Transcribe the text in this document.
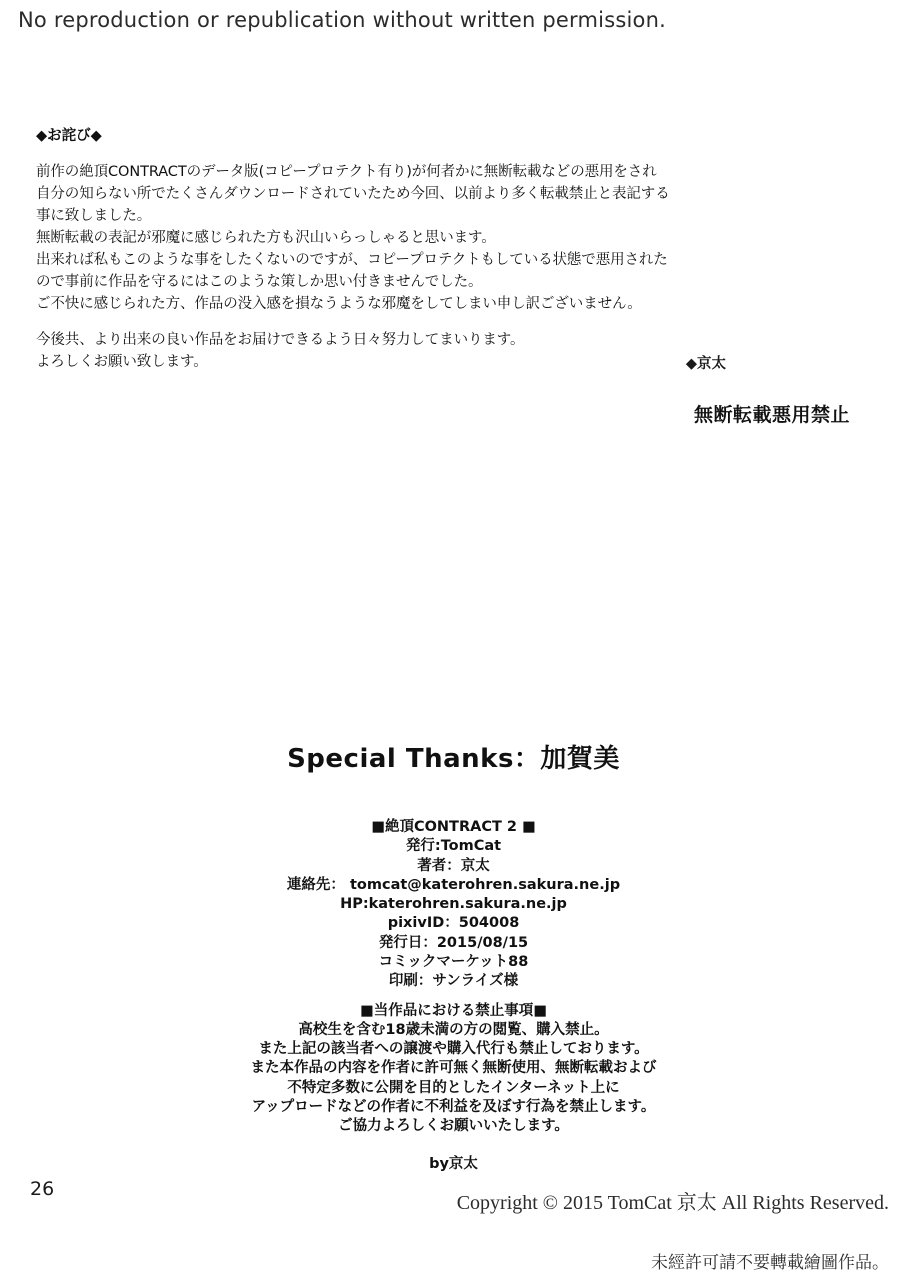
No reproduction or republication without written permission.
◆お詫び◆

前作の絶頂CONTRACTのデータ版(コピープロテクト有り)が何者かに無断転載などの悪用をされ

自分の知らない所でたくさんダウンロードされていたため今回、以前より多く転載禁止と表記する

事に致しました。

無断転載の表記が邪魔に感じられた方も沢山いらっしゃると思います。

出来れば私もこのような事をしたくないのですが、コピープロテクトもしている状態で悪用された

ので事前に作品を守るにはこのような策しか思い付きませんでした。

ご不快に感じられた方、作品の没入感を損なうような邪魔をしてしまい申し訳ございません。

今後共、より出来の良い作品をお届けできるよう日々努力してまいります。

よろしくお願い致します。	◆京太
無断転載悪用禁止
Special Thanks：加賀美
■絶頂CONTRACT 2 ■
発行:TomCat
著者：京太
連絡先： tomcat@katerohren.sakura.ne.jp
HP:katerohren.sakura.ne.jp
pixivID：504008
発行日：2015/08/15
コミックマーケット88
印刷：サンライズ様
■当作品における禁止事項■
高校生を含む18歳未満の方の閲覧、購入禁止。
また上記の該当者への譲渡や購入代行も禁止しております。
また本作品の内容を作者に許可無く無断使用、無断転載および
不特定多数に公開を目的としたインターネット上に
アップロードなどの作者に不利益を及ぼす行為を禁止します。
ご協力よろしくお願いいたします。
by京太
26
Copyright © 2015 TomCat 京太 All Rights Reserved.
未經許可請不要轉載繪圖作品。
